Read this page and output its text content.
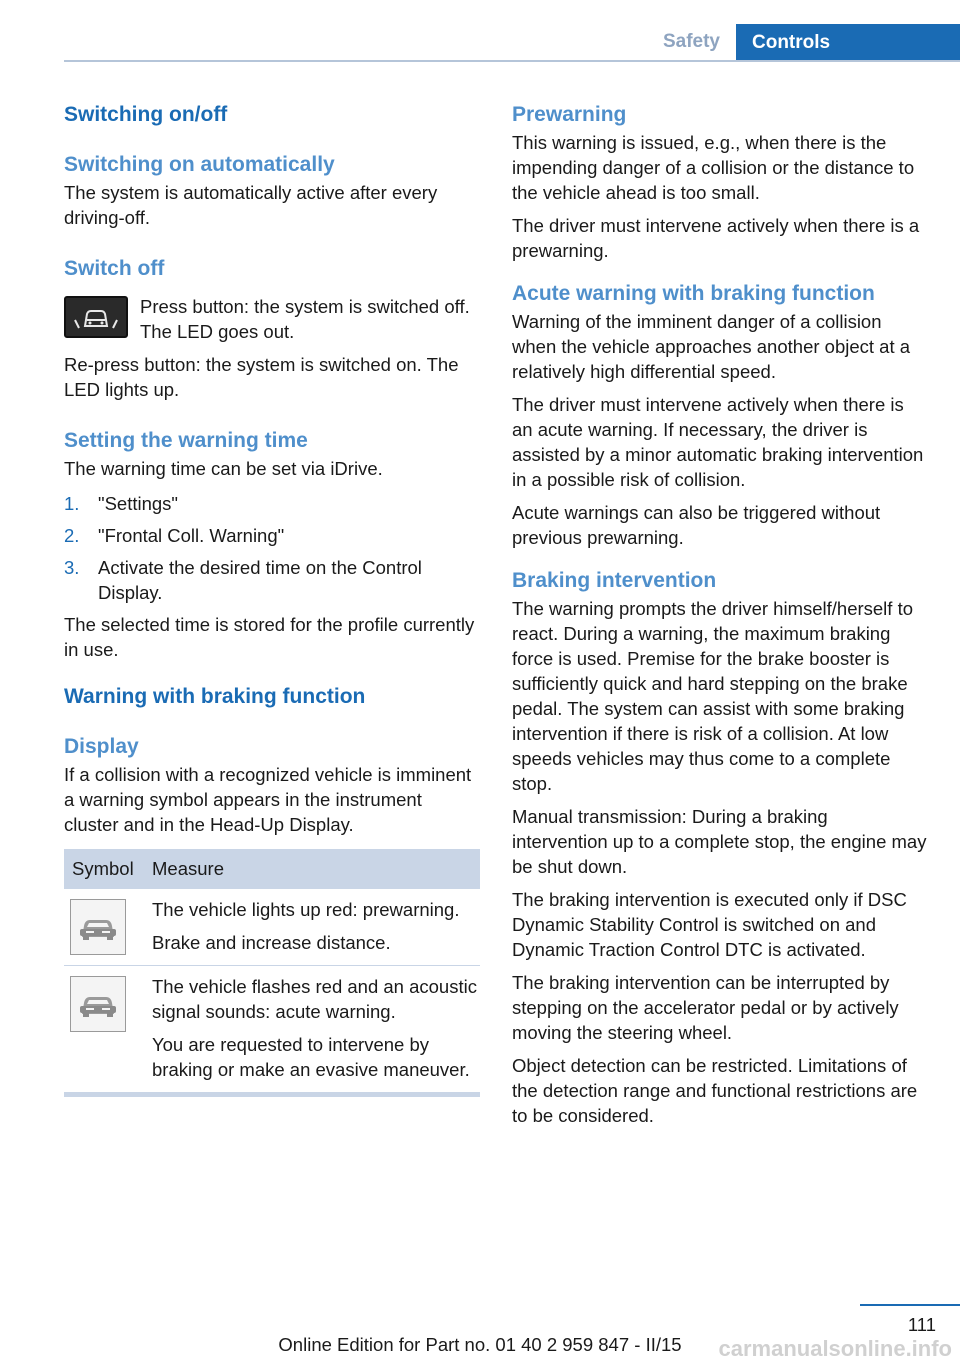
Safety	Controls
Switching on/off
Switching on automatically
The system is automatically active after every driving-off.
Switch off
Press button: the system is switched off. The LED goes out.
Re-press button: the system is switched on. The LED lights up.
Setting the warning time
The warning time can be set via iDrive.
1.	"Settings"
2.	"Frontal Coll. Warning"
3.	Activate the desired time on the Control Display.
The selected time is stored for the profile currently in use.
Warning with braking function
Display
If a collision with a recognized vehicle is imminent a warning symbol appears in the instrument cluster and in the Head-Up Display.
Symbol Measure
The vehicle lights up red: prewarning.
Brake and increase distance.
The vehicle flashes red and an acoustic signal sounds: acute warning.
You are requested to intervene by braking or make an evasive maneuver.
Prewarning
This warning is issued, e.g., when there is the impending danger of a collision or the distance to the vehicle ahead is too small.
The driver must intervene actively when there is a prewarning.
Acute warning with braking function
Warning of the imminent danger of a collision when the vehicle approaches another object at a relatively high differential speed.
The driver must intervene actively when there is an acute warning. If necessary, the driver is assisted by a minor automatic braking intervention in a possible risk of collision.
Acute warnings can also be triggered without previous prewarning.
Braking intervention
The warning prompts the driver himself/herself to react. During a warning, the maximum braking force is used. Premise for the brake booster is sufficiently quick and hard stepping on the brake pedal. The system can assist with some braking intervention if there is risk of a collision. At low speeds vehicles may thus come to a complete stop.
Manual transmission: During a braking intervention up to a complete stop, the engine may be shut down.
The braking intervention is executed only if DSC Dynamic Stability Control is switched on and Dynamic Traction Control DTC is activated.
The braking intervention can be interrupted by stepping on the accelerator pedal or by actively moving the steering wheel.
Object detection can be restricted. Limitations of the detection range and functional restrictions are to be considered.
111
Online Edition for Part no. 01 40 2 959 847 - II/15	carmanualsonline.info
